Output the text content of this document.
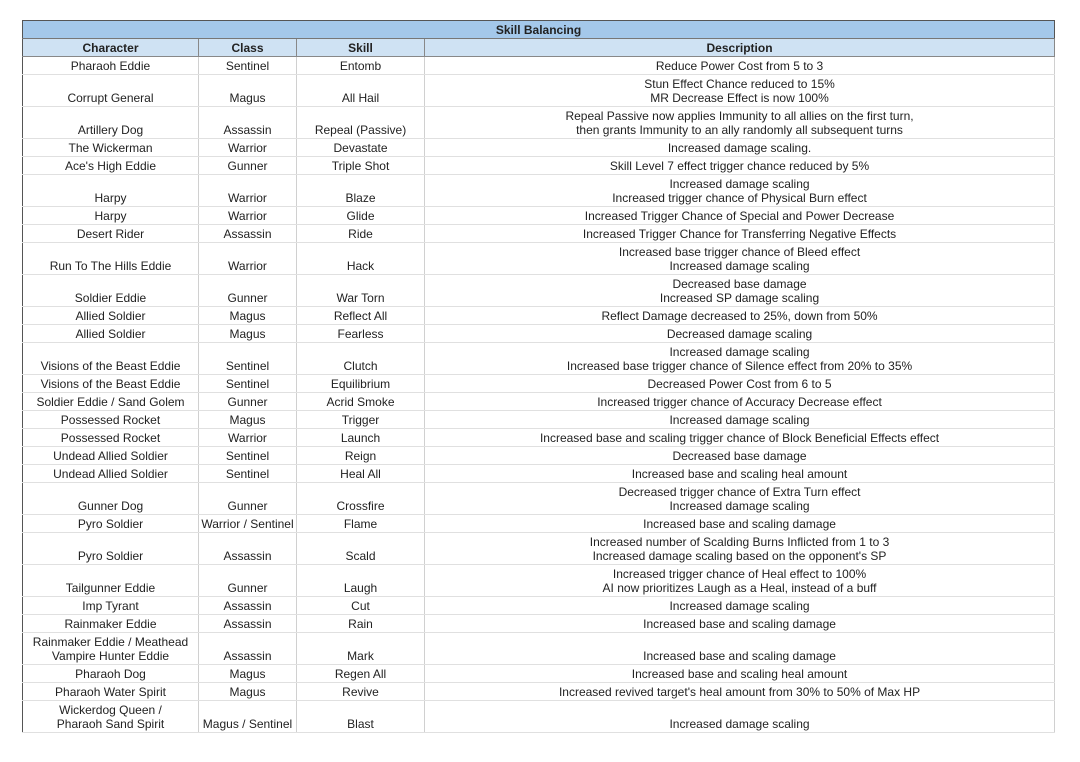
Skill Balancing			
Character	Class	Skill	Description
Pharaoh Eddie	Sentinel	Entomb	Reduce Power Cost from 5 to 3
Corrupt General	Magus	All Hail	Stun Effect Chance reduced to 15%
MR Decrease Effect is now 100%
Artillery Dog	Assassin	Repeal (Passive)	Repeal Passive now applies Immunity to all allies on the first turn,
then grants Immunity to an ally randomly all subsequent turns
The Wickerman	Warrior	Devastate	Increased damage scaling.
Ace's High Eddie	Gunner	Triple Shot	Skill Level 7 effect trigger chance reduced by 5%
Harpy	Warrior	Blaze	Increased damage scaling
Increased trigger chance of Physical Burn effect
Harpy	Warrior	Glide	Increased Trigger Chance of Special and Power Decrease
Desert Rider	Assassin	Ride	Increased Trigger Chance for Transferring Negative Effects
Run To The Hills Eddie	Warrior	Hack	Increased base trigger chance of Bleed effect
Increased damage scaling
Soldier Eddie	Gunner	War Torn	Decreased base damage
Increased SP damage scaling
Allied Soldier	Magus	Reflect All	Reflect Damage decreased to 25%, down from 50%
Allied Soldier	Magus	Fearless	Decreased damage scaling
Visions of the Beast Eddie	Sentinel	Clutch	Increased damage scaling
Increased base trigger chance of Silence effect from 20% to 35%
Visions of the Beast Eddie	Sentinel	Equilibrium	Decreased Power Cost from 6 to 5
Soldier Eddie / Sand Golem	Gunner	Acrid Smoke	Increased trigger chance of Accuracy Decrease effect
Possessed Rocket	Magus	Trigger	Increased damage scaling
Possessed Rocket	Warrior	Launch	Increased base and scaling trigger chance of Block Beneficial Effects effect
Undead Allied Soldier	Sentinel	Reign	Decreased base damage
Undead Allied Soldier	Sentinel	Heal All	Increased base and scaling heal amount
Gunner Dog	Gunner	Crossfire	Decreased trigger chance of Extra Turn effect
Increased damage scaling
Pyro Soldier	Warrior / Sentinel	Flame	Increased base and scaling damage
Pyro Soldier	Assassin	Scald	Increased number of Scalding Burns Inflicted from 1 to 3
Increased damage scaling based on the opponent's SP
Tailgunner Eddie	Gunner	Laugh	Increased trigger chance of Heal effect to 100%
AI now prioritizes Laugh as a Heal, instead of a buff
Imp Tyrant	Assassin	Cut	Increased damage scaling
Rainmaker Eddie	Assassin	Rain	Increased base and scaling damage
Rainmaker Eddie / Meathead
Vampire Hunter Eddie	Assassin	Mark	Increased base and scaling damage
Pharaoh Dog	Magus	Regen All	Increased base and scaling heal amount
Pharaoh Water Spirit	Magus	Revive	Increased revived target's heal amount from 30% to 50% of Max HP
Wickerdog Queen /
Pharaoh Sand Spirit	Magus / Sentinel	Blast	Increased damage scaling
